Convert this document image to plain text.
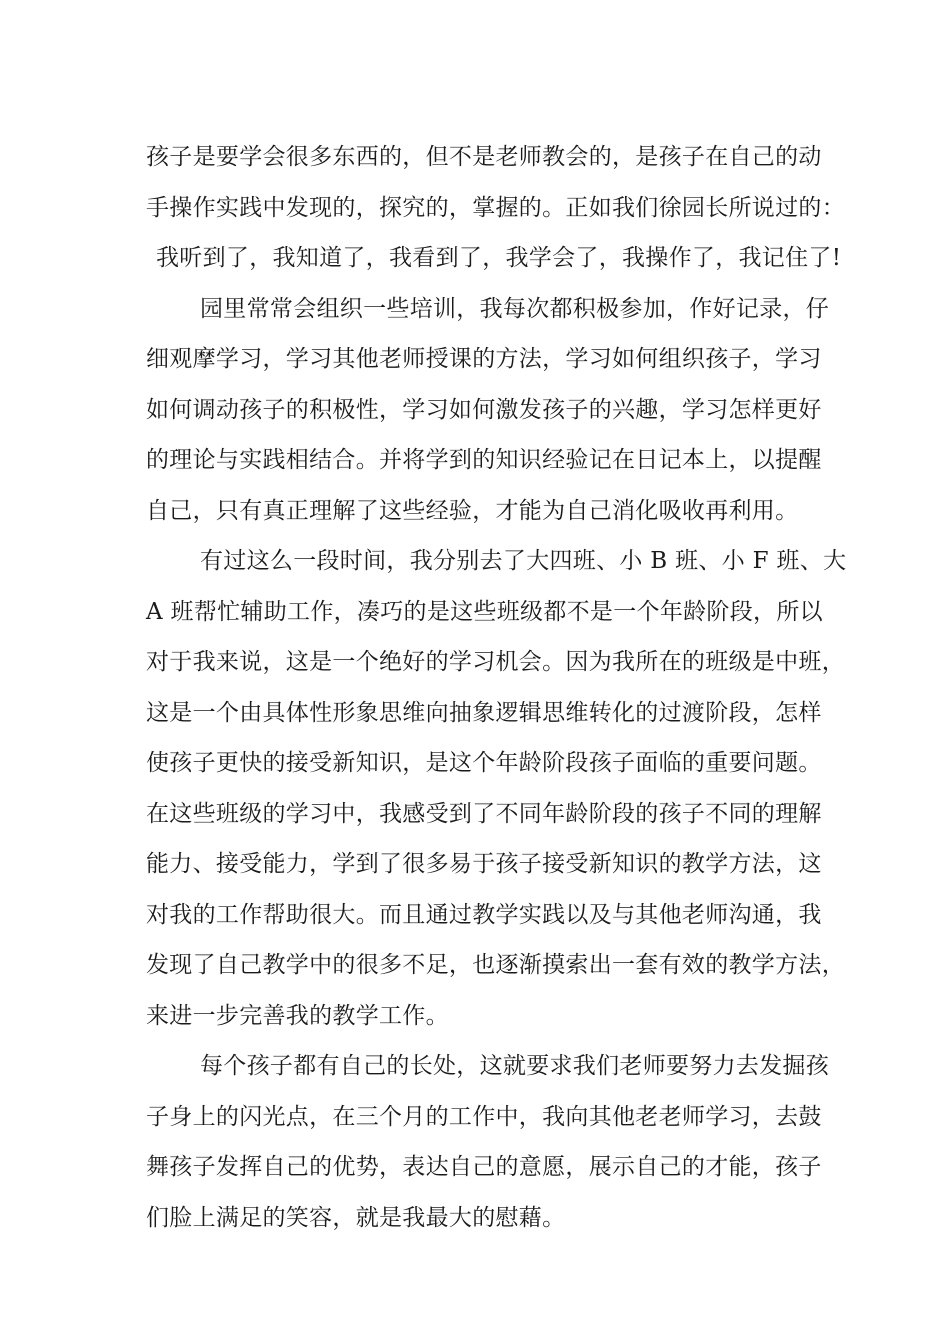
孩子是要学会很多东西的，但不是老师教会的，是孩子在自己的动
手操作实践中发现的，探究的，掌握的。正如我们徐园长所说过的：
我听到了，我知道了，我看到了，我学会了，我操作了，我记住了!
园里常常会组织一些培训，我每次都积极参加，作好记录，仔
细观摩学习，学习其他老师授课的方法，学习如何组织孩子，学习
如何调动孩子的积极性，学习如何激发孩子的兴趣，学习怎样更好
的理论与实践相结合。并将学到的知识经验记在日记本上，以提醒
自己，只有真正理解了这些经验，才能为自己消化吸收再利用。
有过这么一段时间，我分别去了大四班、小 B 班、小 F 班、大
A 班帮忙辅助工作，凑巧的是这些班级都不是一个年龄阶段，所以
对于我来说，这是一个绝好的学习机会。因为我所在的班级是中班，
这是一个由具体性形象思维向抽象逻辑思维转化的过渡阶段，怎样
使孩子更快的接受新知识，是这个年龄阶段孩子面临的重要问题。
在这些班级的学习中，我感受到了不同年龄阶段的孩子不同的理解
能力、接受能力，学到了很多易于孩子接受新知识的教学方法，这
对我的工作帮助很大。而且通过教学实践以及与其他老师沟通，我
发现了自己教学中的很多不足，也逐渐摸索出一套有效的教学方法，
来进一步完善我的教学工作。
每个孩子都有自己的长处，这就要求我们老师要努力去发掘孩
子身上的闪光点，在三个月的工作中，我向其他老老师学习，去鼓
舞孩子发挥自己的优势，表达自己的意愿，展示自己的才能，孩子
们脸上满足的笑容，就是我最大的慰藉。
